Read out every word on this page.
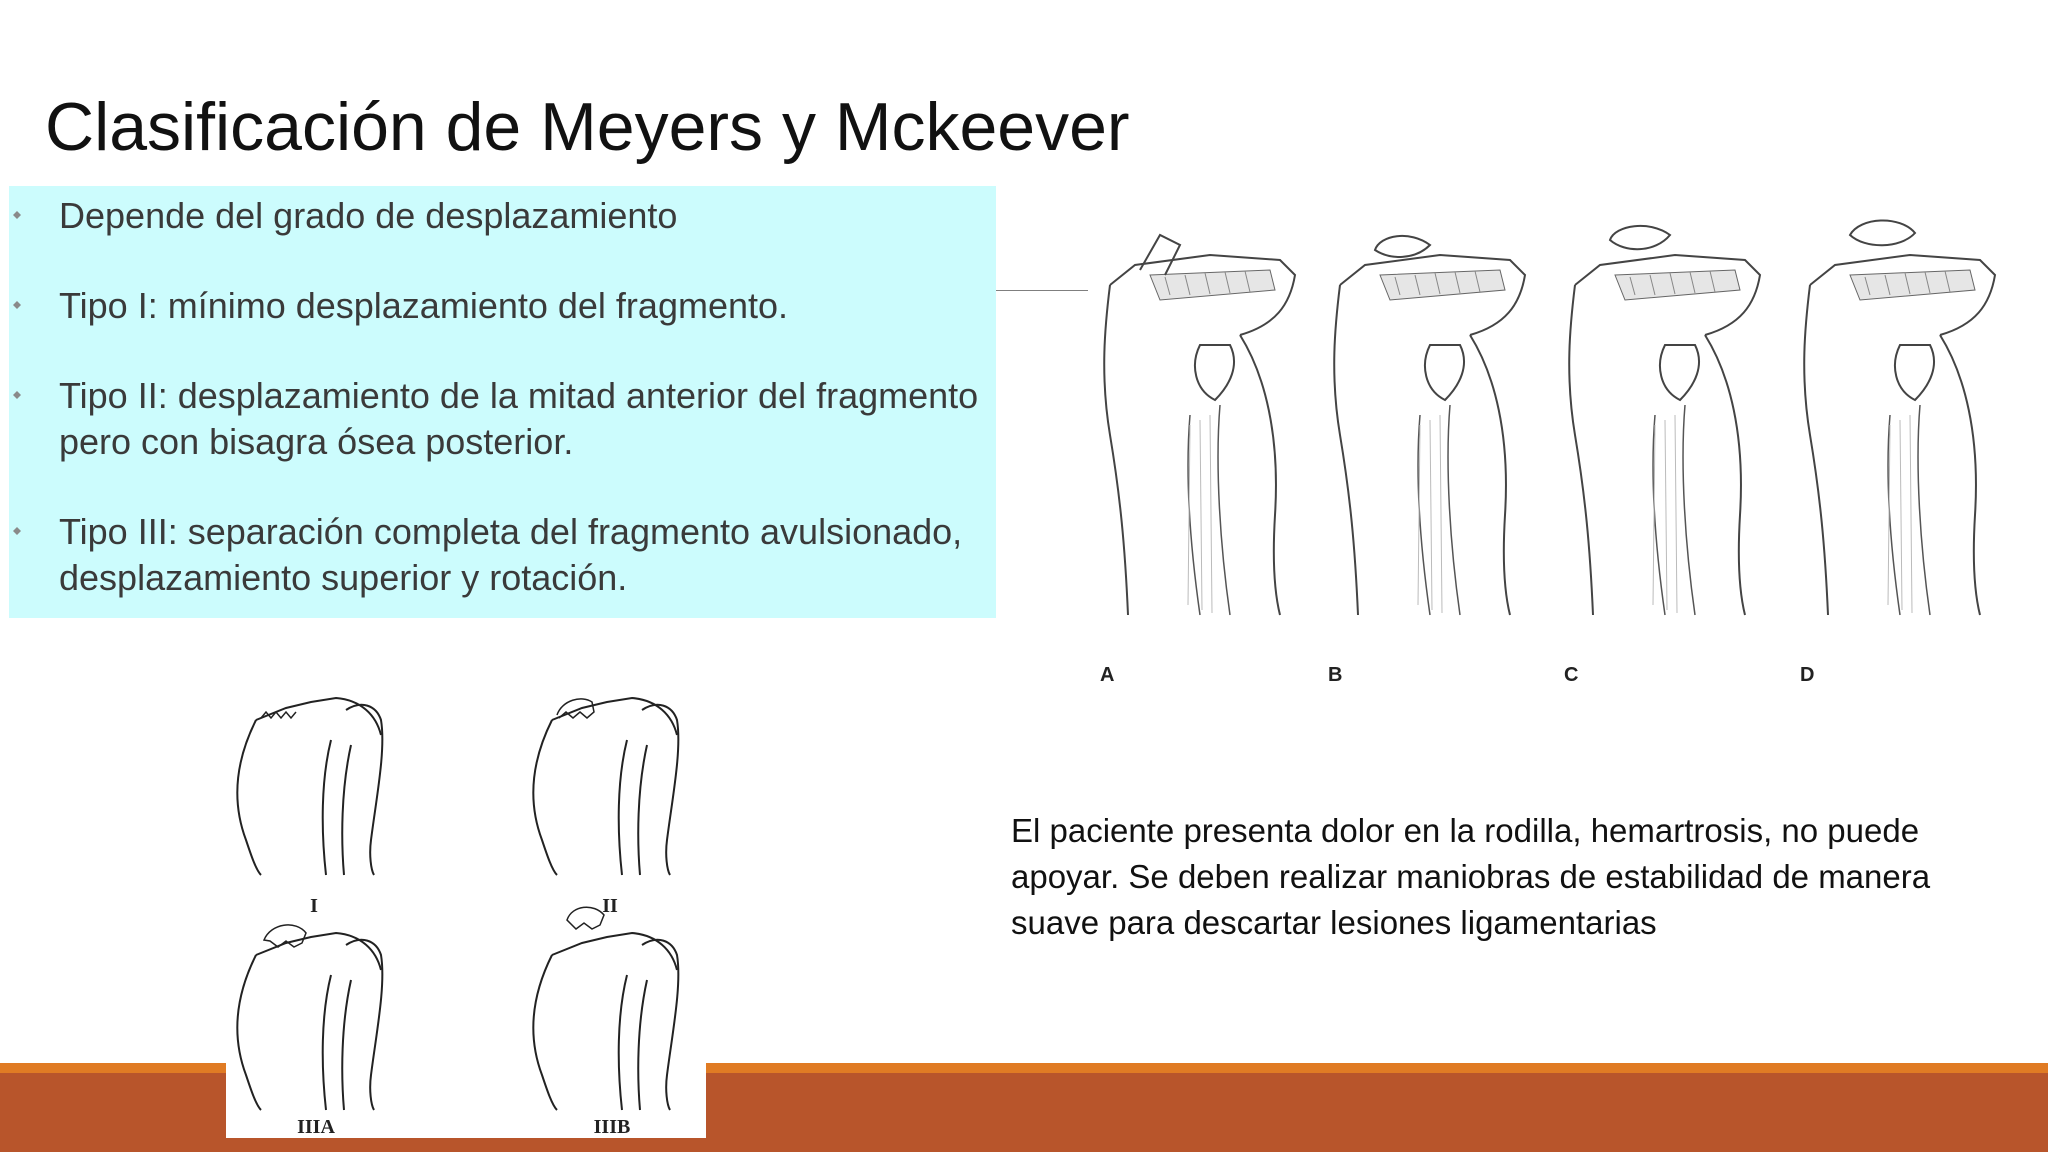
Clasificación de Meyers y Mckeever
Depende del grado de desplazamiento
Tipo I: mínimo desplazamiento del fragmento.
Tipo II: desplazamiento de la mitad anterior del fragmento pero con bisagra ósea posterior.
Tipo III: separación completa del fragmento avulsionado, desplazamiento superior y rotación.
A	B	C	D
I	II
IIIA	IIIB
El paciente presenta dolor en la rodilla, hemartrosis, no puede apoyar. Se deben realizar maniobras de estabilidad de manera suave para descartar lesiones ligamentarias
